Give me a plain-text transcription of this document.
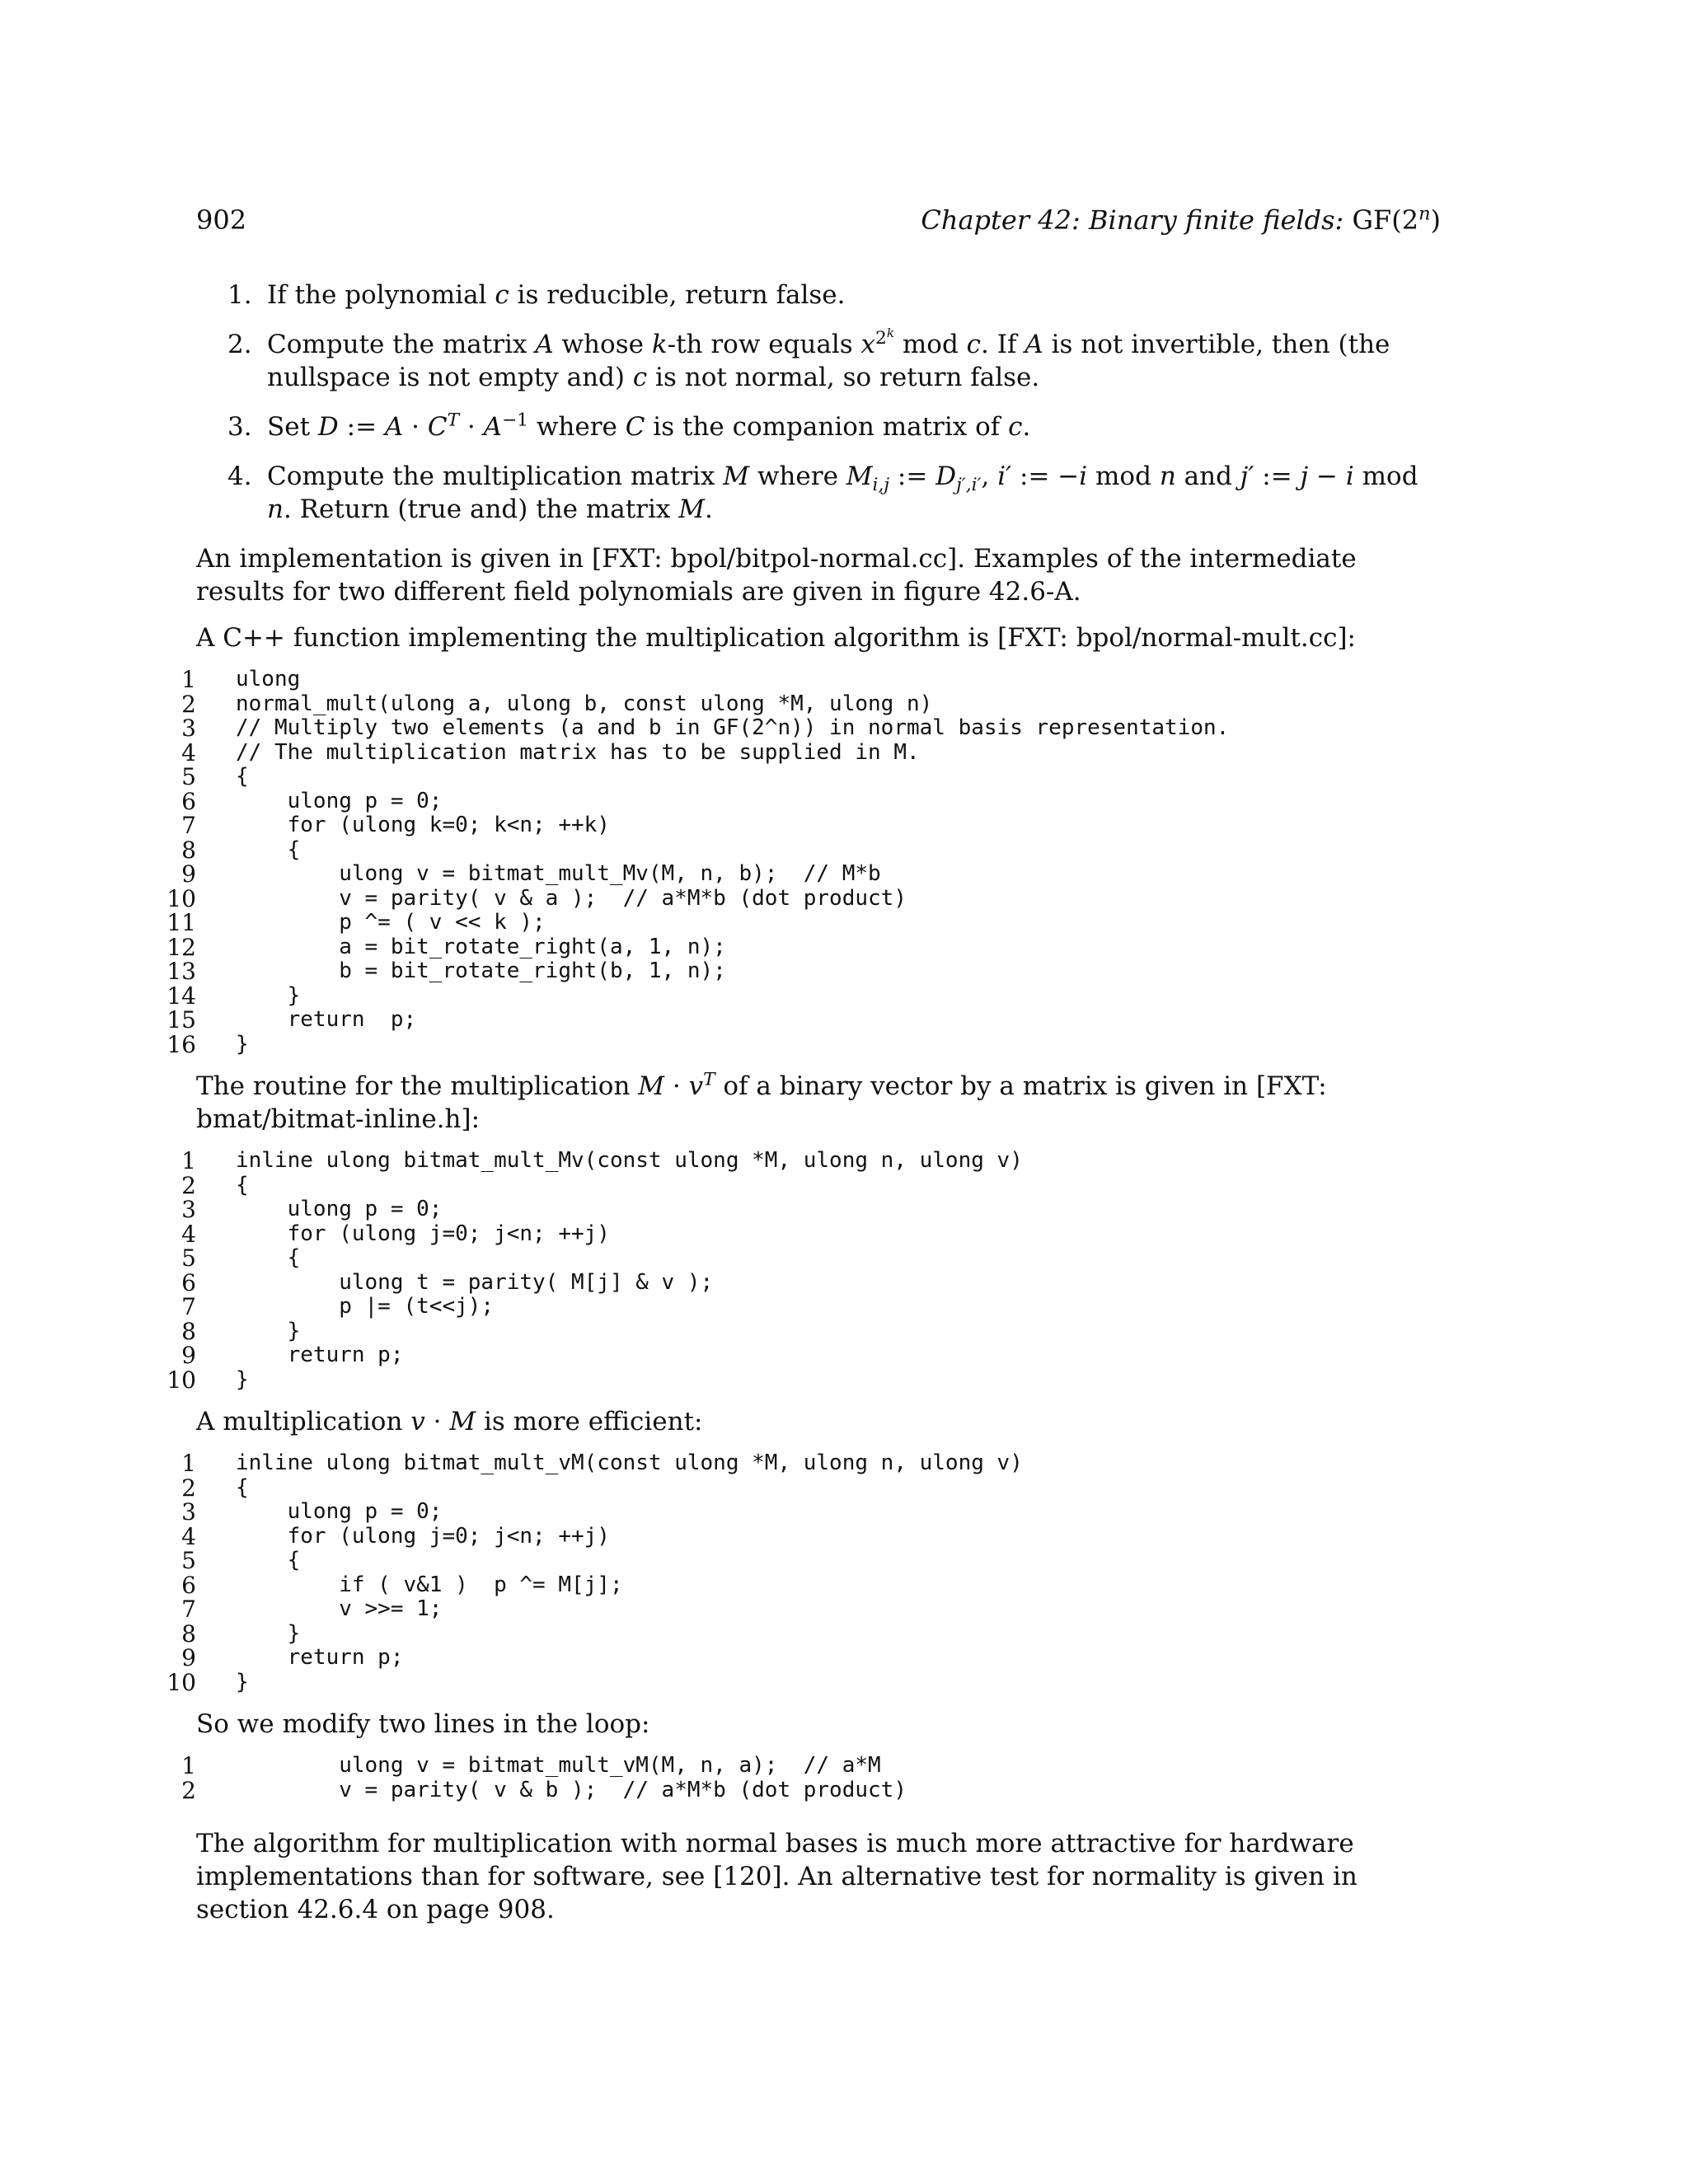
902	Chapter 42: Binary finite fields: GF(2$^n$)
1. If the polynomial c is reducible, return false.
2. Compute the matrix A whose k-th row equals $x^{2^k}$ mod c. If A is not invertible, then (the nullspace is not empty and) c is not normal, so return false.
3. Set D := $A \cdot C^T \cdot A^{-1}$ where C is the companion matrix of c.
4. Compute the multiplication matrix M where $M_{i,j}$ := $D_{j',i'}$, i′ := −i mod n and j′ := j − i mod n. Return (true and) the matrix M.

An implementation is given in [FXT: bpol/bitpol-normal.cc]. Examples of the intermediate results for two different field polynomials are given in figure 42.6-A.

A C++ function implementing the multiplication algorithm is [FXT: bpol/normal-mult.cc]:

1	ulong
2	normal_mult(ulong a, ulong b, const ulong *M, ulong n)
3	// Multiply two elements (a and b in GF(2^n)) in normal basis representation.
4	// The multiplication matrix has to be supplied in M.
5	{
6	ulong p = 0;
7	for (ulong k=0; k<n; ++k)
8	{
9	ulong v = bitmat_mult_Mv(M, n, b);  // M*b
10	v = parity( v & a );  // a*M*b (dot product)
11	p ^= ( v << k );
12	a = bit_rotate_right(a, 1, n);
13	b = bit_rotate_right(b, 1, n);
14	}
15	return  p;
16	}

The routine for the multiplication $M \cdot v^T$ of a binary vector by a matrix is given in [FXT: bmat/bitmat-inline.h]:

1	inline ulong bitmat_mult_Mv(const ulong *M, ulong n, ulong v)
2	{
3	ulong p = 0;
4	for (ulong j=0; j<n; ++j)
5	{
6	ulong t = parity( M[j] & v );
7	p |= (t<<j);
8	}
9	return p;
10	}

A multiplication v · M is more efficient:

1	inline ulong bitmat_mult_vM(const ulong *M, ulong n, ulong v)
2	{
3	ulong p = 0;
4	for (ulong j=0; j<n; ++j)
5	{
6	if ( v&1 )  p ^= M[j];
7	v >>= 1;
8	}
9	return p;
10	}

So we modify two lines in the loop:

1	ulong v = bitmat_mult_vM(M, n, a);  // a*M
2	v = parity( v & b );  // a*M*b (dot product)

The algorithm for multiplication with normal bases is much more attractive for hardware implementations than for software, see [120]. An alternative test for normality is given in section 42.6.4 on page 908.
